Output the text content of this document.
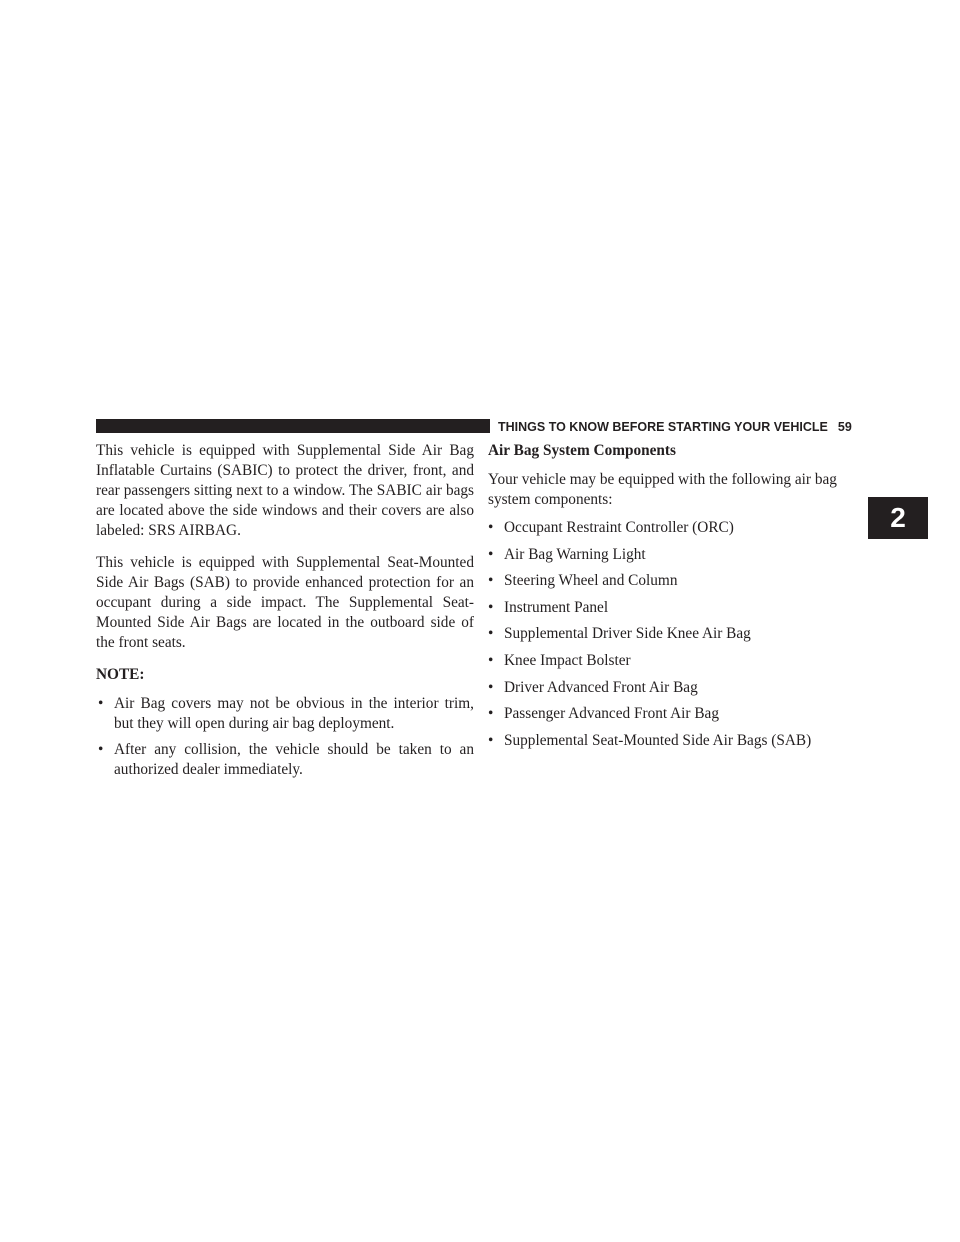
THINGS TO KNOW BEFORE STARTING YOUR VEHICLE 59
2

This vehicle is equipped with Supplemental Side Air Bag Inflatable Curtains (SABIC) to protect the driver, front, and rear passengers sitting next to a window. The SABIC air bags are located above the side windows and their covers are also labeled: SRS AIRBAG.

This vehicle is equipped with Supplemental Seat-Mounted Side Air Bags (SAB) to provide enhanced protection for an occupant during a side impact. The Supplemental Seat-Mounted Side Air Bags are located in the outboard side of the front seats.

NOTE:

• Air Bag covers may not be obvious in the interior trim, but they will open during air bag deployment.
• After any collision, the vehicle should be taken to an authorized dealer immediately.

Air Bag System Components

Your vehicle may be equipped with the following air bag system components:

• Occupant Restraint Controller (ORC)
• Air Bag Warning Light
• Steering Wheel and Column
• Instrument Panel
• Supplemental Driver Side Knee Air Bag
• Knee Impact Bolster
• Driver Advanced Front Air Bag
• Passenger Advanced Front Air Bag
• Supplemental Seat-Mounted Side Air Bags (SAB)
